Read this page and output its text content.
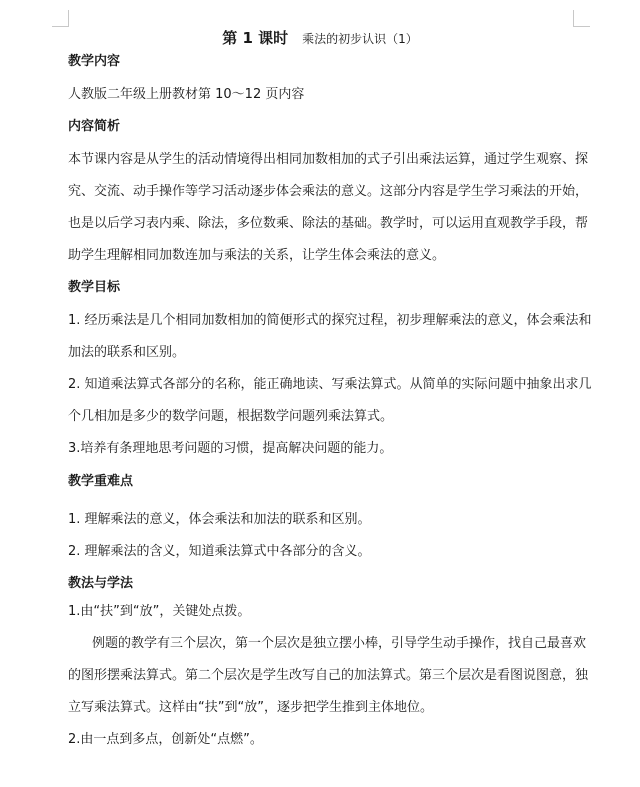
第 1 课时 乘法的初步认识（1）
教学内容
人教版二年级上册教材第 10～12 页内容
内容简析
本节课内容是从学生的活动情境得出相同加数相加的式子引出乘法运算，通过学生观察、探
究、交流、动手操作等学习活动逐步体会乘法的意义。这部分内容是学生学习乘法的开始，
也是以后学习表内乘、除法，多位数乘、除法的基础。教学时，可以运用直观教学手段，帮
助学生理解相同加数连加与乘法的关系，让学生体会乘法的意义。
教学目标
1. 经历乘法是几个相同加数相加的简便形式的探究过程，初步理解乘法的意义，体会乘法和
加法的联系和区别。
2. 知道乘法算式各部分的名称，能正确地读、写乘法算式。从简单的实际问题中抽象出求几
个几相加是多少的数学问题，根据数学问题列乘法算式。
3.培养有条理地思考问题的习惯，提高解决问题的能力。
教学重难点
1. 理解乘法的意义，体会乘法和加法的联系和区别。
2. 理解乘法的含义，知道乘法算式中各部分的含义。
教法与学法
1.由“扶”到“放”，关键处点拨。
例题的教学有三个层次，第一个层次是独立摆小棒，引导学生动手操作，找自己最喜欢
的图形摆乘法算式。第二个层次是学生改写自己的加法算式。第三个层次是看图说图意，独
立写乘法算式。这样由“扶”到“放”，逐步把学生推到主体地位。
2.由一点到多点，创新处“点燃”。
